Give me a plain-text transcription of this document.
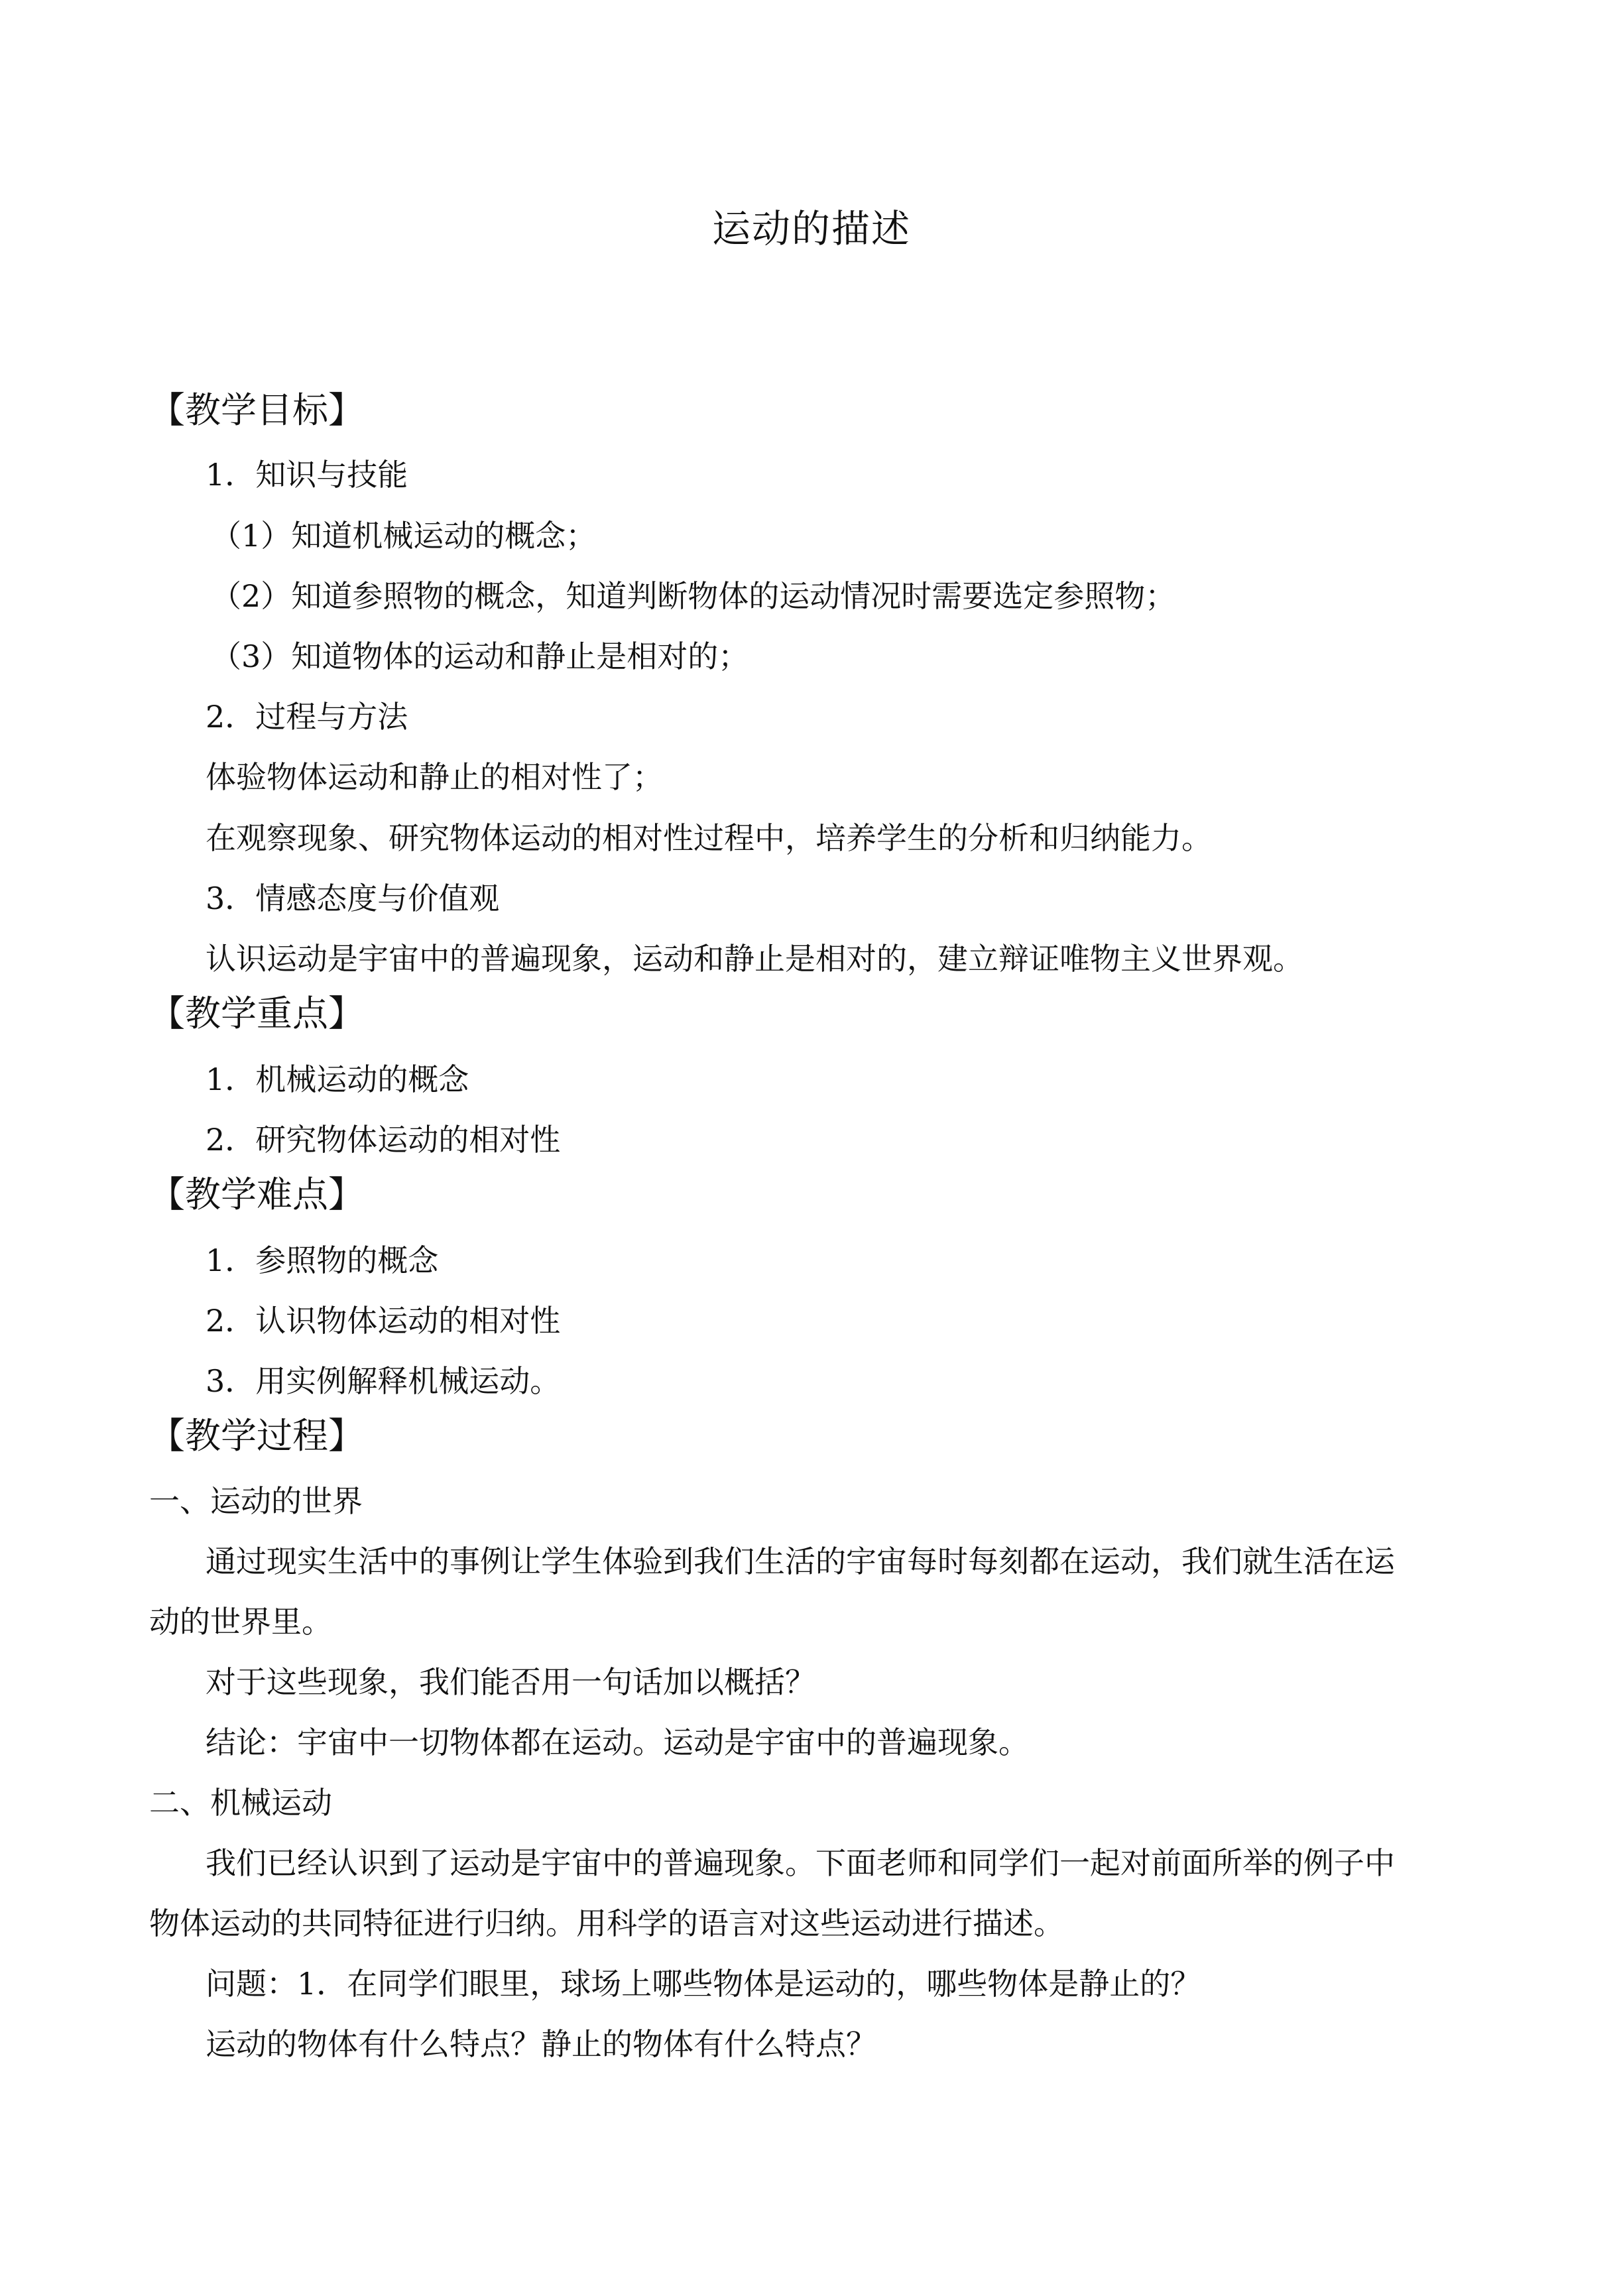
运动的描述
【教学目标】
1．知识与技能
（1）知道机械运动的概念；
（2）知道参照物的概念，知道判断物体的运动情况时需要选定参照物；
（3）知道物体的运动和静止是相对的；
2．过程与方法
体验物体运动和静止的相对性了；
在观察现象、研究物体运动的相对性过程中，培养学生的分析和归纳能力。
3．情感态度与价值观
认识运动是宇宙中的普遍现象，运动和静止是相对的，建立辩证唯物主义世界观。
【教学重点】
1．机械运动的概念
2．研究物体运动的相对性
【教学难点】
1．参照物的概念
2．认识物体运动的相对性
3．用实例解释机械运动。
【教学过程】
一、运动的世界
通过现实生活中的事例让学生体验到我们生活的宇宙每时每刻都在运动，我们就生活在运
动的世界里。
对于这些现象，我们能否用一句话加以概括？
结论：宇宙中一切物体都在运动。运动是宇宙中的普遍现象。
二、机械运动
我们已经认识到了运动是宇宙中的普遍现象。下面老师和同学们一起对前面所举的例子中
物体运动的共同特征进行归纳。用科学的语言对这些运动进行描述。
问题：1．在同学们眼里，球场上哪些物体是运动的，哪些物体是静止的？
运动的物体有什么特点？静止的物体有什么特点？
